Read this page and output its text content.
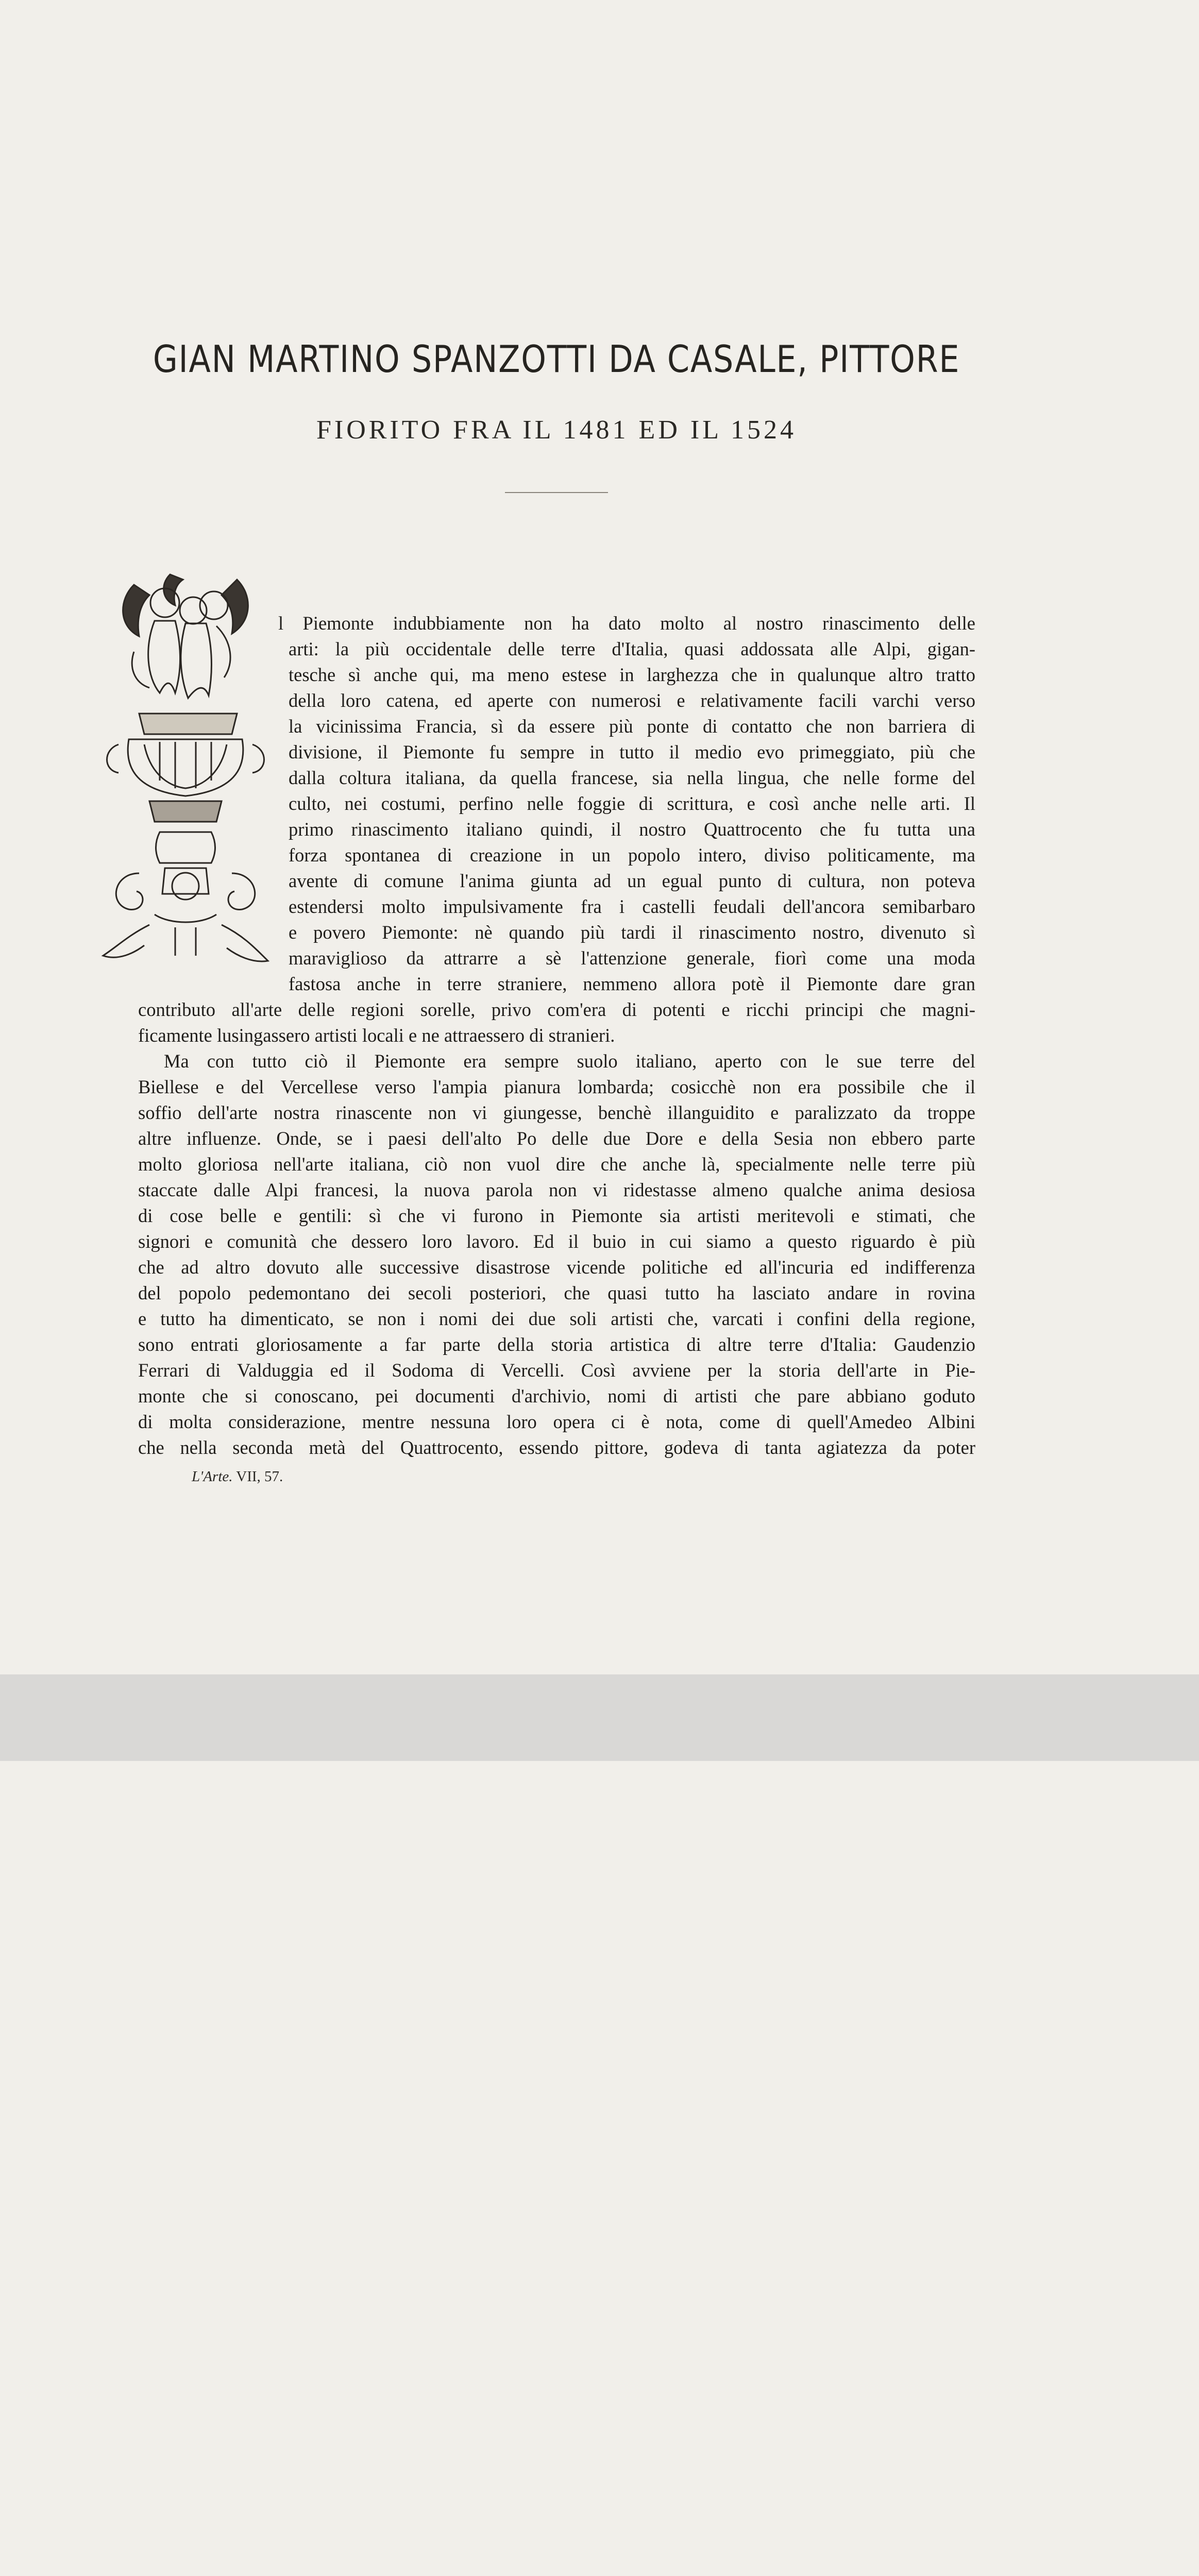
GIAN MARTINO SPANZOTTI DA CASALE, PITTORE
FIORITO FRA IL 1481 ED IL 1524
l Piemonte indubbiamente non ha dato molto al nostro rinascimento delle
arti: la più occidentale delle terre d'Italia, quasi addossata alle Alpi, gigan-
tesche sì anche qui, ma meno estese in larghezza che in qualunque altro tratto
della loro catena, ed aperte con numerosi e relativamente facili varchi verso
la vicinissima Francia, sì da essere più ponte di contatto che non barriera di
divisione, il Piemonte fu sempre in tutto il medio evo primeggiato, più che
dalla coltura italiana, da quella francese, sia nella lingua, che nelle forme del
culto, nei costumi, perfino nelle foggie di scrittura, e così anche nelle arti. Il
primo rinascimento italiano quindi, il nostro Quattrocento che fu tutta una
forza spontanea di creazione in un popolo intero, diviso politicamente, ma
avente di comune l'anima giunta ad un egual punto di cultura, non poteva
estendersi molto impulsivamente fra i castelli feudali dell'ancora semibarbaro
e povero Piemonte: nè quando più tardi il rinascimento nostro, divenuto sì
maraviglioso da attrarre a sè l'attenzione generale, fiorì come una moda
fastosa anche in terre straniere, nemmeno allora potè il Piemonte dare gran
contributo all'arte delle regioni sorelle, privo com'era di potenti e ricchi principi che magni-
ficamente lusingassero artisti locali e ne attraessero di stranieri.
Ma con tutto ciò il Piemonte era sempre suolo italiano, aperto con le sue terre del
Biellese e del Vercellese verso l'ampia pianura lombarda; cosicchè non era possibile che il
soffio dell'arte nostra rinascente non vi giungesse, benchè illanguidito e paralizzato da troppe
altre influenze. Onde, se i paesi dell'alto Po delle due Dore e della Sesia non ebbero parte
molto gloriosa nell'arte italiana, ciò non vuol dire che anche là, specialmente nelle terre più
staccate dalle Alpi francesi, la nuova parola non vi ridestasse almeno qualche anima desiosa
di cose belle e gentili: sì che vi furono in Piemonte sia artisti meritevoli e stimati, che
signori e comunità che dessero loro lavoro. Ed il buio in cui siamo a questo riguardo è più
che ad altro dovuto alle successive disastrose vicende politiche ed all'incuria ed indifferenza
del popolo pedemontano dei secoli posteriori, che quasi tutto ha lasciato andare in rovina
e tutto ha dimenticato, se non i nomi dei due soli artisti che, varcati i confini della regione,
sono entrati gloriosamente a far parte della storia artistica di altre terre d'Italia: Gaudenzio
Ferrari di Valduggia ed il Sodoma di Vercelli. Così avviene per la storia dell'arte in Pie-
monte che si conoscano, pei documenti d'archivio, nomi di artisti che pare abbiano goduto
di molta considerazione, mentre nessuna loro opera ci è nota, come di quell'Amedeo Albini
che nella seconda metà del Quattrocento, essendo pittore, godeva di tanta agiatezza da poter
L'Arte. VII, 57.
